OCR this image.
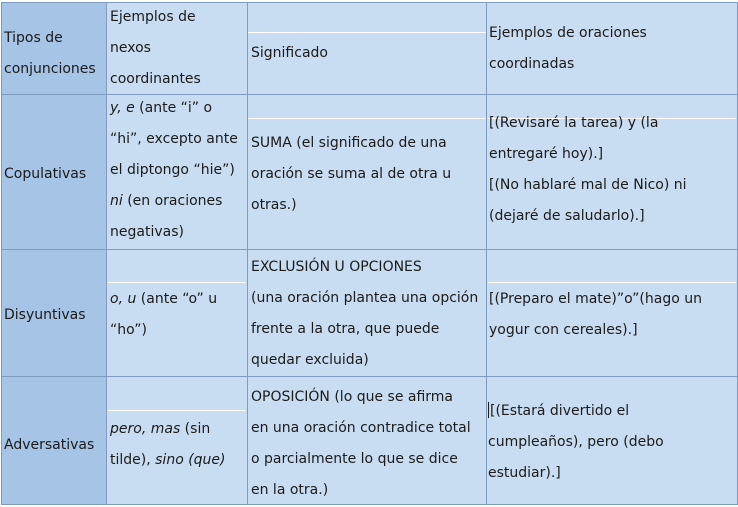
Tipos de
conjunciones
Ejemplos de
nexos
coordinantes
Significado
Ejemplos de oraciones
coordinadas
Copulativas
y, e (ante “i” o
“hi”, excepto ante
el diptongo “hie”)
ni (en oraciones
negativas)
SUMA (el significado de una
oración se suma al de otra u
otras.)
[(Revisaré la tarea) y (la
entregaré hoy).]
[(No hablaré mal de Nico) ni
(dejaré de saludarlo).]
Disyuntivas
o, u (ante “o” u
“ho”)
EXCLUSIÓN U OPCIONES
(una oración plantea una opción
frente a la otra, que puede
quedar excluida)
[(Preparo el mate)”o”(hago un
yogur con cereales).]
Adversativas
pero, mas (sin
tilde), sino (que)
OPOSICIÓN (lo que se afirma
en una oración contradice total
o parcialmente lo que se dice
en la otra.)
[(Estará divertido el
cumpleaños), pero (debo
estudiar).]
